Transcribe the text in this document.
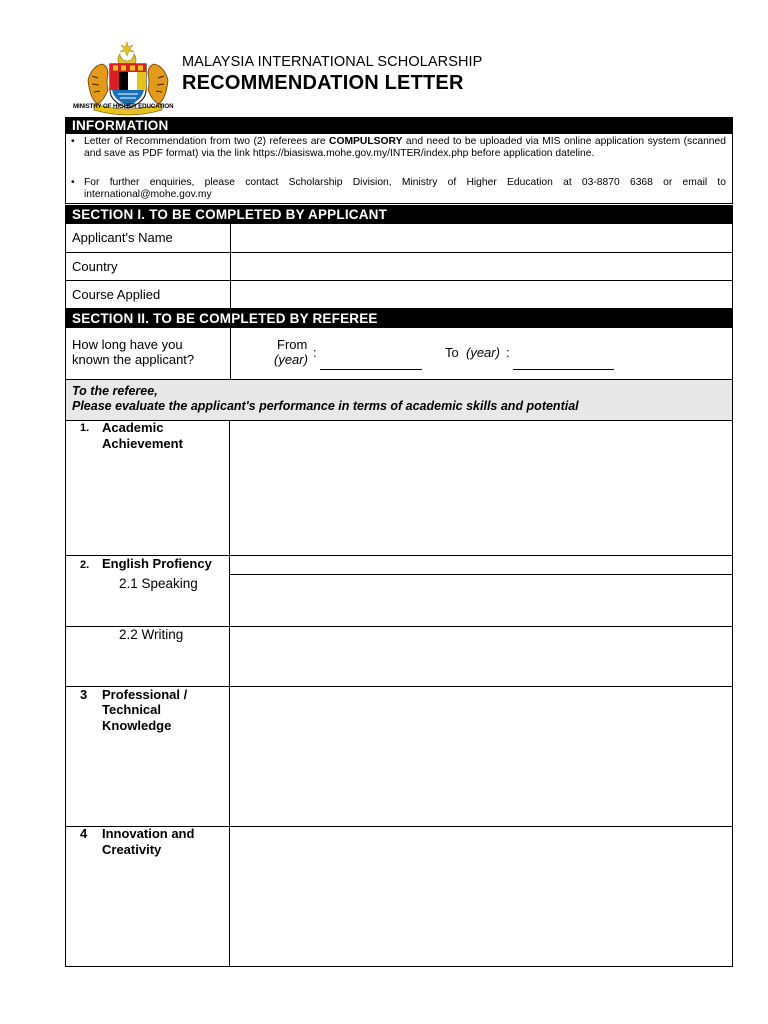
MINISTRY OF HIGHER EDUCATION
MALAYSIA INTERNATIONAL SCHOLARSHIP
RECOMMENDATION LETTER
INFORMATION
• Letter of Recommendation from two (2) referees are COMPULSORY and need to be uploaded via MIS online application system (scanned and save as PDF format) via the link https://biasiswa.mohe.gov.my/INTER/index.php before application dateline.
• For further enquiries, please contact Scholarship Division, Ministry of Higher Education at 03-8870 6368 or email to international@mohe.gov.my
SECTION I. TO BE COMPLETED BY APPLICANT
Applicant's Name
Country
Course Applied
SECTION II. TO BE COMPLETED BY REFEREE
How long have you
known the applicant?
From
(year) :	To (year) :
To the referee,
Please evaluate the applicant's performance in terms of academic skills and potential
1. Academic
Achievement
2. English Profiency
2.1 Speaking
2.2 Writing
3 Professional /
Technical
Knowledge
4 Innovation and
Creativity
